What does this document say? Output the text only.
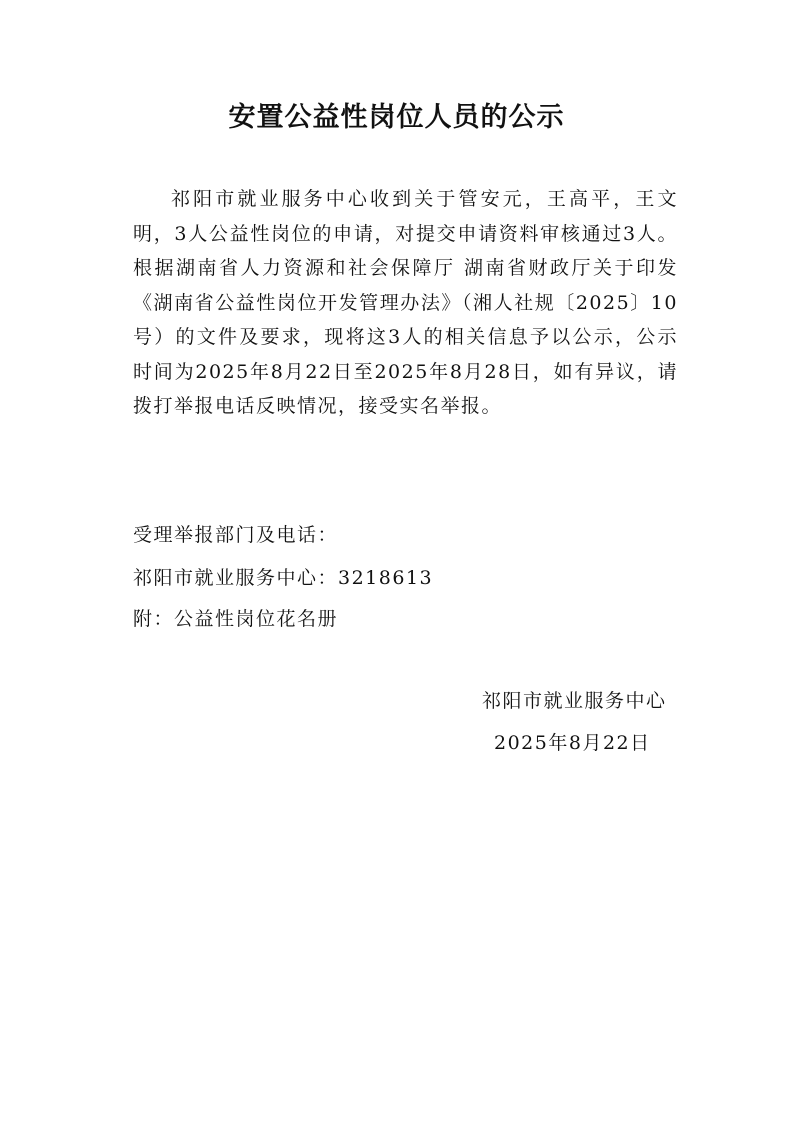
安置公益性岗位人员的公示

祁阳市就业服务中心收到关于管安元，王高平，王文明，3人公益性岗位的申请，对提交申请资料审核通过3人。根据湖南省人力资源和社会保障厅 湖南省财政厅关于印发《湖南省公益性岗位开发管理办法》（湘人社规〔2025〕10号）的文件及要求，现将这3人的相关信息予以公示，公示时间为2025年8月22日至2025年8月28日，如有异议，请拨打举报电话反映情况，接受实名举报。

受理举报部门及电话：

祁阳市就业服务中心：3218613

附：公益性岗位花名册

祁阳市就业服务中心

2025年8月22日
